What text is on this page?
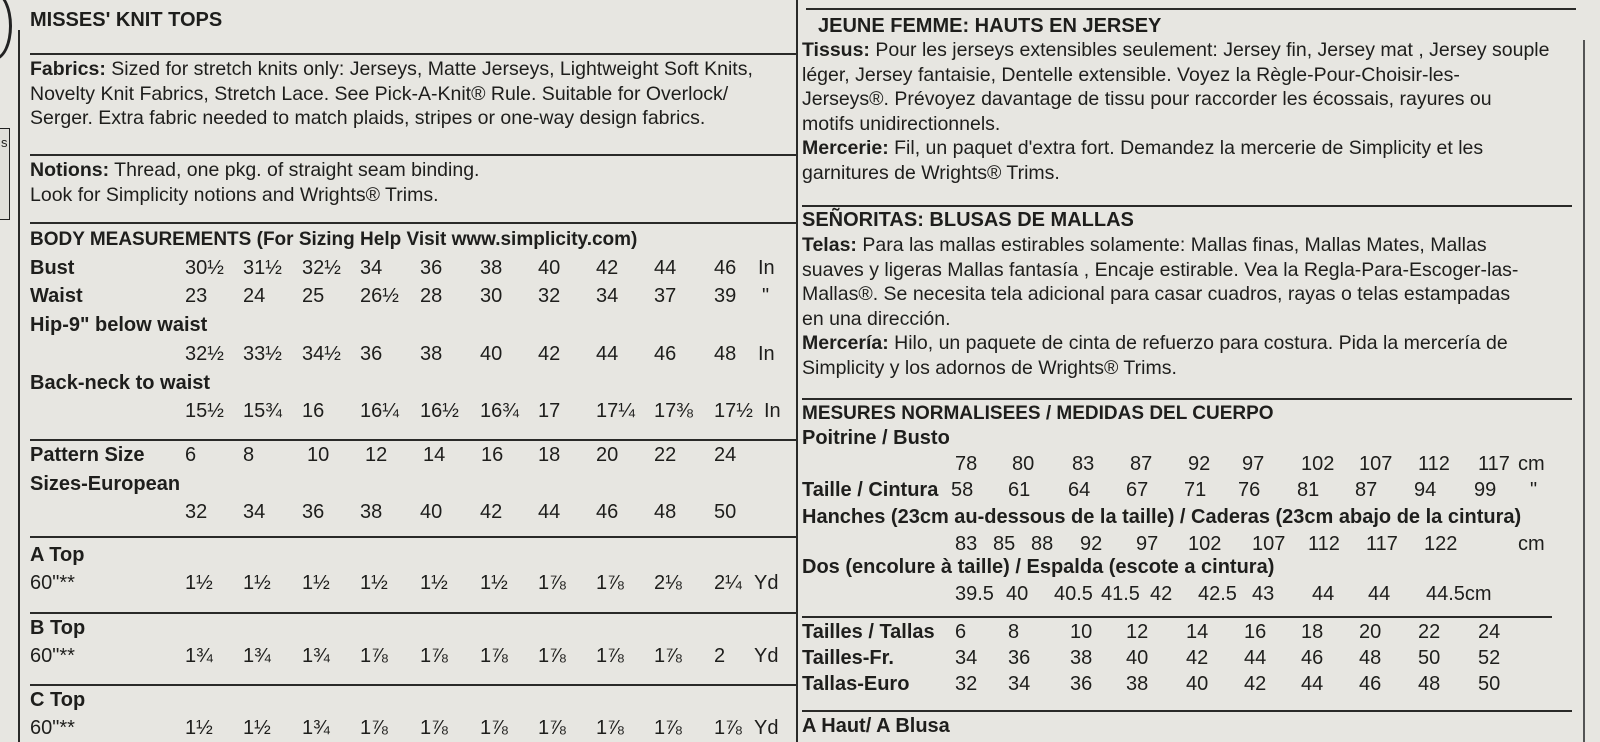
s
MISSES' KNIT TOPS
Fabrics: Sized for stretch knits only: Jerseys, Matte Jerseys, Lightweight Soft Knits,
Novelty Knit Fabrics, Stretch Lace. See Pick-A-Knit® Rule. Suitable for Overlock/
Serger. Extra fabric needed to match plaids, stripes or one-way design fabrics.
Notions: Thread, one pkg. of straight seam binding.
Look for Simplicity notions and Wrights® Trims.
BODY MEASUREMENTS (For Sizing Help Visit www.simplicity.com)
Bust	30½ 31½ 32½ 34 36 38 40 42 44 46 In
Waist	23 24 25 26½ 28 30 32 34 37 39 "
Hip-9" below waist
32½ 33½ 34½ 36 38 40 42 44 46 48 In
Back-neck to waist
15½ 15¾ 16 16¼ 16½ 16¾ 17 17¼ 17⅜ 17½ In
Pattern Size 6 8	10 12 14 16 18 20 22 24
Sizes-European
32 34 36 38 40 42 44 46 48 50
A Top
60"**	1½ 1½ 1½ 1½ 1½ 1½ 1⅞ 1⅞ 2⅛ 2¼ Yd
B Top
60"**	1¾ 1¾ 1¾ 1⅞ 1⅞ 1⅞ 1⅞ 1⅞ 1⅞ 2 Yd
C Top
60"**	1½ 1½ 1¾ 1⅞ 1⅞ 1⅞ 1⅞ 1⅞ 1⅞ 1⅞ Yd
JEUNE FEMME: HAUTS EN JERSEY
Tissus: Pour les jerseys extensibles seulement: Jersey fin, Jersey mat , Jersey souple
léger, Jersey fantaisie, Dentelle extensible. Voyez la Règle-Pour-Choisir-les-
Jerseys®. Prévoyez davantage de tissu pour raccorder les écossais, rayures ou
motifs unidirectionnels.
Mercerie: Fil, un paquet d'extra fort. Demandez la mercerie de Simplicity et les
garnitures de Wrights® Trims.
SEÑORITAS: BLUSAS DE MALLAS
Telas: Para las mallas estirables solamente: Mallas finas, Mallas Mates, Mallas
suaves y ligeras Mallas fantasía , Encaje estirable. Vea la Regla-Para-Escoger-las-
Mallas®. Se necesita tela adicional para casar cuadros, rayas o telas estampadas
en una dirección.
Mercería: Hilo, un paquete de cinta de refuerzo para costura. Pida la mercería de
Simplicity y los adornos de Wrights® Trims.
MESURES NORMALISEES / MEDIDAS DEL CUERPO
Poitrine / Busto
78 80 83 87 92 97 102 107 112 117 cm
Taille / Cintura 58 61 64 67 71 76 81 87 94 99 "
Hanches (23cm au-dessous de la taille) / Caderas (23cm abajo de la cintura)
83 85 88 92 97 102 107 112 117 122	cm
Dos (encolure à taille) / Espalda (escote a cintura)
39.5 40 40.5 41.5 42 42.5 43 44 44 44.5cm
Tailles / Tallas 6 8	10 12 14 16 18 20 22 24
Tailles-Fr.	34 36 38 40 42 44 46 48 50 52
Tallas-Euro 32 34 36 38 40 42 44 46 48 50
A Haut/ A Blusa
